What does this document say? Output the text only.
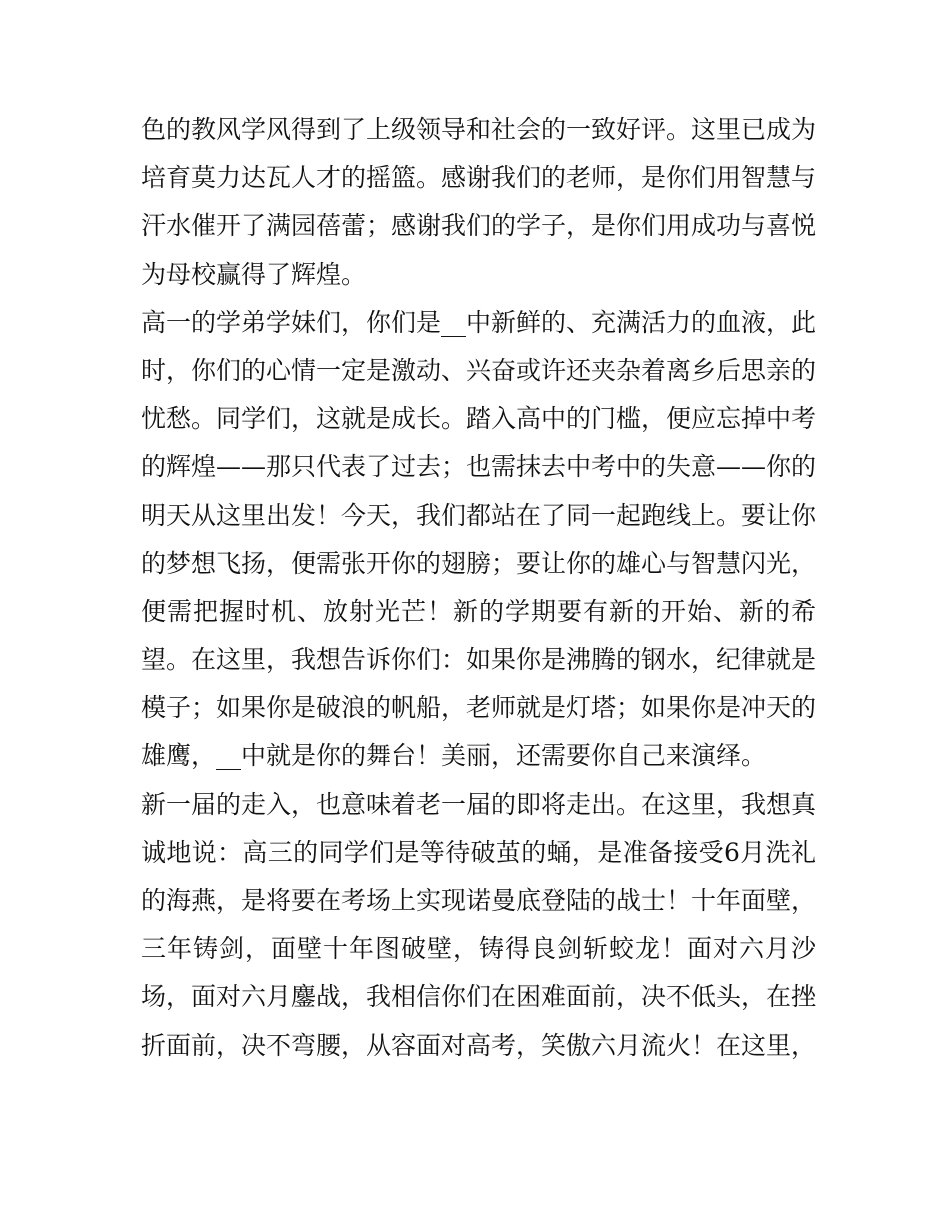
色的教风学风得到了上级领导和社会的一致好评。这里已成为
培育莫力达瓦人才的摇篮。感谢我们的老师，是你们用智慧与
汗水催开了满园蓓蕾；感谢我们的学子，是你们用成功与喜悦
为母校赢得了辉煌。
高一的学弟学妹们，你们是__中新鲜的、充满活力的血液，此
时，你们的心情一定是激动、兴奋或许还夹杂着离乡后思亲的
忧愁。同学们，这就是成长。踏入高中的门槛，便应忘掉中考
的辉煌——那只代表了过去；也需抹去中考中的失意——你的
明天从这里出发！今天，我们都站在了同一起跑线上。要让你
的梦想飞扬，便需张开你的翅膀；要让你的雄心与智慧闪光，
便需把握时机、放射光芒！新的学期要有新的开始、新的希
望。在这里，我想告诉你们：如果你是沸腾的钢水，纪律就是
模子；如果你是破浪的帆船，老师就是灯塔；如果你是冲天的
雄鹰，__中就是你的舞台！美丽，还需要你自己来演绎。
新一届的走入，也意味着老一届的即将走出。在这里，我想真
诚地说：高三的同学们是等待破茧的蛹，是准备接受6月洗礼
的海燕，是将要在考场上实现诺曼底登陆的战士！十年面壁，
三年铸剑，面壁十年图破壁，铸得良剑斩蛟龙！面对六月沙
场，面对六月鏖战，我相信你们在困难面前，决不低头，在挫
折面前，决不弯腰，从容面对高考，笑傲六月流火！在这里，
